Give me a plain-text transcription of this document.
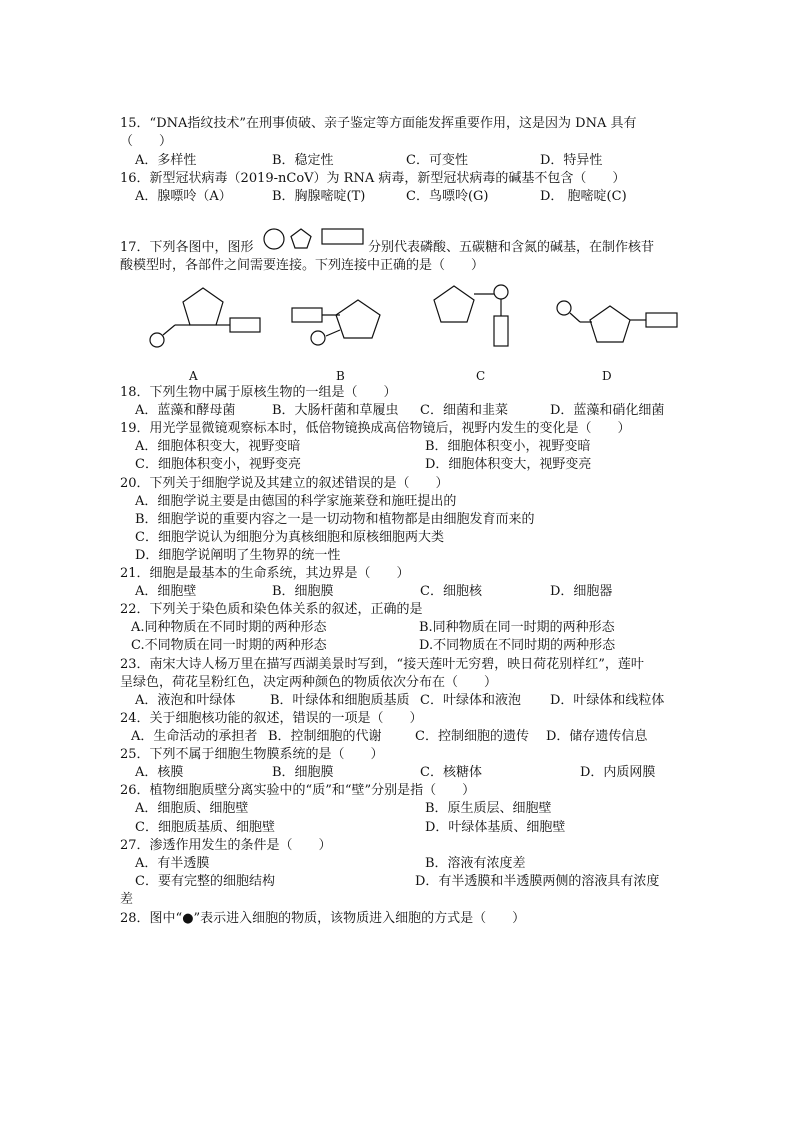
15．“DNA指纹技术”在刑事侦破、亲子鉴定等方面能发挥重要作用，这是因为 DNA 具有
（　　）
A．多样性	B．稳定性	C．可变性	D．特异性
16．新型冠状病毒（2019-nCoV）为 RNA 病毒，新型冠状病毒的碱基不包含（　　）
A．腺嘌呤（A）	B．胸腺嘧啶(T)	C．鸟嘌呤(G)	D． 胞嘧啶(C)
17．下列各图中，图形	分别代表磷酸、五碳糖和含氮的碱基，在制作核苷
酸模型时，各部件之间需要连接。下列连接中正确的是（　　）
A	B	C	D
18．下列生物中属于原核生物的一组是（　　）
A．蓝藻和酵母菌	B．大肠杆菌和草履虫 C．细菌和韭菜	D．蓝藻和硝化细菌
19．用光学显微镜观察标本时，低倍物镜换成高倍物镜后，视野内发生的变化是（　　）
A．细胞体积变大，视野变暗	B．细胞体积变小，视野变暗
C．细胞体积变小，视野变亮	D．细胞体积变大，视野变亮
20．下列关于细胞学说及其建立的叙述错误的是（　　）
A．细胞学说主要是由德国的科学家施莱登和施旺提出的
B．细胞学说的重要内容之一是一切动物和植物都是由细胞发育而来的
C．细胞学说认为细胞分为真核细胞和原核细胞两大类
D．细胞学说阐明了生物界的统一性
21．细胞是最基本的生命系统，其边界是（　　）
A．细胞壁	B．细胞膜	C．细胞核	D．细胞器
22．下列关于染色质和染色体关系的叙述，正确的是
A.同种物质在不同时期的两种形态	B.同种物质在同一时期的两种形态
C.不同物质在同一时期的两种形态	D.不同物质在不同时期的两种形态
23．南宋大诗人杨万里在描写西湖美景时写到，“接天莲叶无穷碧，映日荷花别样红”，莲叶
呈绿色，荷花呈粉红色，决定两种颜色的物质依次分布在（　　）
A．液泡和叶绿体	B．叶绿体和细胞质基质 C．叶绿体和液泡 D．叶绿体和线粒体
24．关于细胞核功能的叙述，错误的一项是（　　）
A．生命活动的承担者 B．控制细胞的代谢	C．控制细胞的遗传 D．储存遗传信息
25．下列不属于细胞生物膜系统的是（　　）
A．核膜	B．细胞膜	C．核糖体	D．内质网膜
26．植物细胞质壁分离实验中的“质”和“壁”分别是指（　　）
A．细胞质、细胞壁	B．原生质层、细胞壁
C．细胞质基质、细胞壁	D．叶绿体基质、细胞壁
27．渗透作用发生的条件是（　　）
A．有半透膜	B．溶液有浓度差
C．要有完整的细胞结构	D．有半透膜和半透膜两侧的溶液具有浓度
差
28．图中“●”表示进入细胞的物质，该物质进入细胞的方式是（　　）
